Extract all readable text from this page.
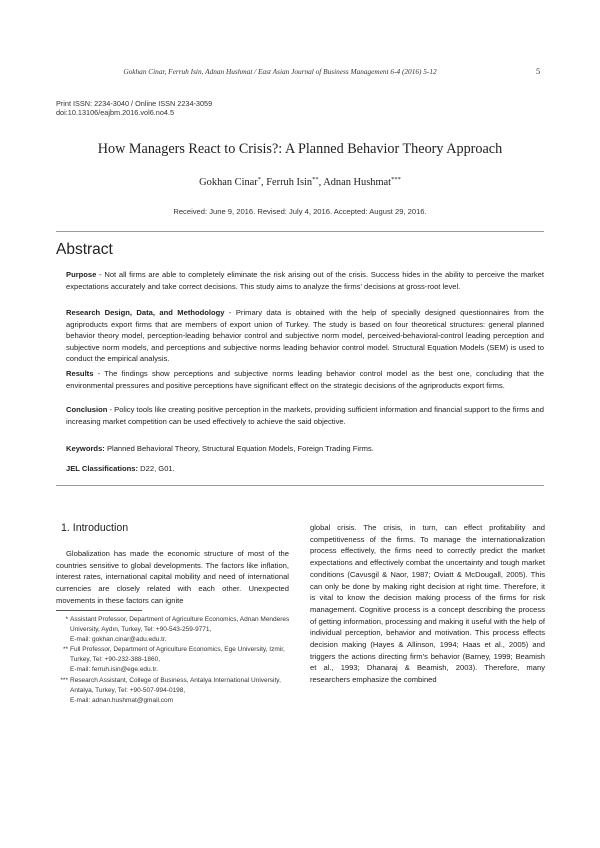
Gokhan Cinar, Ferruh Isin, Adnan Hushmat / East Asian Journal of Business Management 6-4 (2016) 5-12	5
Print ISSN: 2234-3040 / Online ISSN 2234-3059
doi:10.13106/eajbm.2016.vol6.no4.5
How Managers React to Crisis?: A Planned Behavior Theory Approach
Gokhan Cinar*, Ferruh Isin**, Adnan Hushmat***
Received: June 9, 2016. Revised: July 4, 2016. Accepted: August 29, 2016.
Abstract
Purpose - Not all firms are able to completely eliminate the risk arising out of the crisis. Success hides in the ability to perceive the market expectations accurately and take correct decisions. This study aims to analyze the firms' decisions at gross-root level.
Research Design, Data, and Methodology - Primary data is obtained with the help of specially designed questionnaires from the agriproducts export firms that are members of export union of Turkey. The study is based on four theoretical structures: general planned behavior theory model, perception-leading behavior control and subjective norm model, perceived-behavioral-control leading perception and subjective norm models, and perceptions and subjective norms leading behavior control model. Structural Equation Models (SEM) is used to conduct the empirical analysis.
Results - The findings show perceptions and subjective norms leading behavior control model as the best one, concluding that the environmental pressures and positive perceptions have significant effect on the strategic decisions of the agriproducts export firms.
Conclusion - Policy tools like creating positive perception in the markets, providing sufficient information and financial support to the firms and increasing market competition can be used effectively to achieve the said objective.
Keywords: Planned Behavioral Theory, Structural Equation Models, Foreign Trading Firms.
JEL Classifications: D22, G01.
1. Introduction
Globalization has made the economic structure of most of the countries sensitive to global developments. The factors like inflation, interest rates, international capital mobility and need of international currencies are closely related with each other. Unexpected movements in these factors can ignite
* Assistant Professor, Department of Agriculture Economics, Adnan Menderes University, Aydın, Turkey, Tel: +90-543-259-9771,
E-mail: gokhan.cinar@adu.edu.tr.
** Full Professor, Department of Agriculture Economics, Ege University, Izmir, Turkey, Tel: +90-232-388-1860,
E-mail: ferruh.isin@ege.edu.tr.
*** Research Assistant, College of Business, Antalya International University, Antalya, Turkey, Tel: +90-507-994-0198,
E-mail: adnan.hushmat@gmail.com
global crisis. The crisis, in turn, can effect profitability and competitiveness of the firms. To manage the internationalization process effectively, the firms need to correctly predict the market expectations and effectively combat the uncertainty and tough market conditions (Cavusgil & Naor, 1987; Oviatt & McDougall, 2005). This can only be done by making right decision at right time. Therefore, it is vital to know the decision making process of the firms for risk management. Cognitive process is a concept describing the process of getting information, processing and making it useful with the help of individual perception, behavior and motivation. This process effects decision making (Hayes & Allinson, 1994; Haas et al., 2005) and triggers the actions directing firm's behavior (Barney, 1999; Beamish et al., 1993; Dhanaraj & Beamish, 2003). Therefore, many researchers emphasize the combined
